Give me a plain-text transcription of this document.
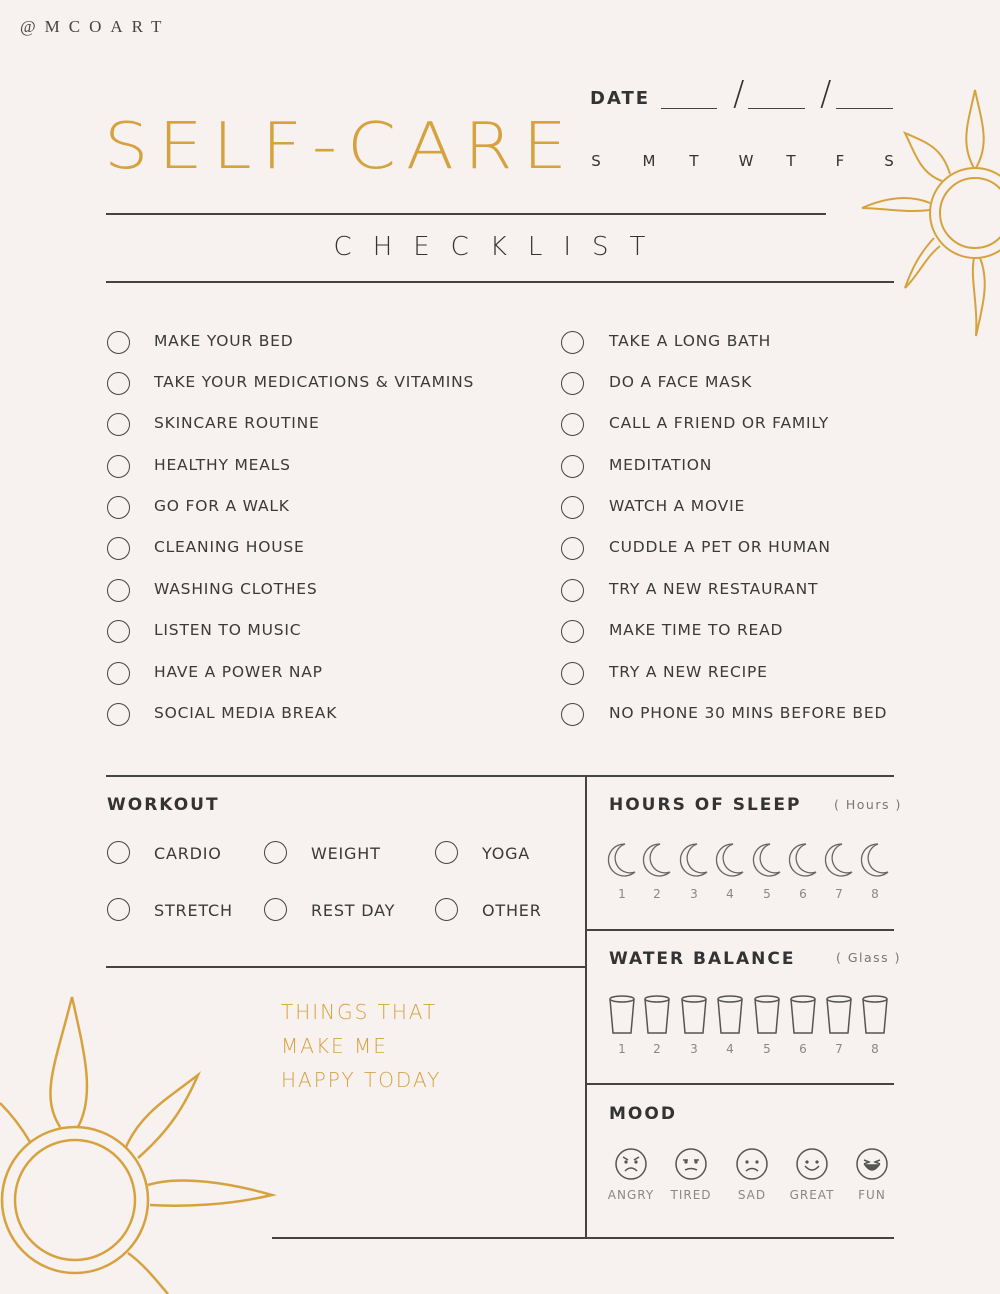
@MCOART
SELF-CARE
DATE / /
S	M	T	W	T	F	S
CHECKLIST
MAKE YOUR BED
TAKE YOUR MEDICATIONS & VITAMINS
SKINCARE ROUTINE
HEALTHY MEALS
GO FOR A WALK
CLEANING HOUSE
WASHING CLOTHES
LISTEN TO MUSIC
HAVE A POWER NAP
SOCIAL MEDIA BREAK
TAKE A LONG BATH
DO A FACE MASK
CALL A FRIEND OR FAMILY
MEDITATION
WATCH A MOVIE
CUDDLE A PET OR HUMAN
TRY A NEW RESTAURANT
MAKE TIME TO READ
TRY A NEW RECIPE
NO PHONE 30 MINS BEFORE BED
WORKOUT
CARDIO	WEIGHT	YOGA
STRETCH	REST DAY	OTHER
HOURS OF SLEEP	( Hours )
1	2	3	4	5	6	7	8
WATER BALANCE	( Glass )
1	2	3	4	5	6	7	8
MOOD
ANGRY	TIRED	SAD	GREAT	FUN
THINGS THAT
MAKE ME
HAPPY TODAY
